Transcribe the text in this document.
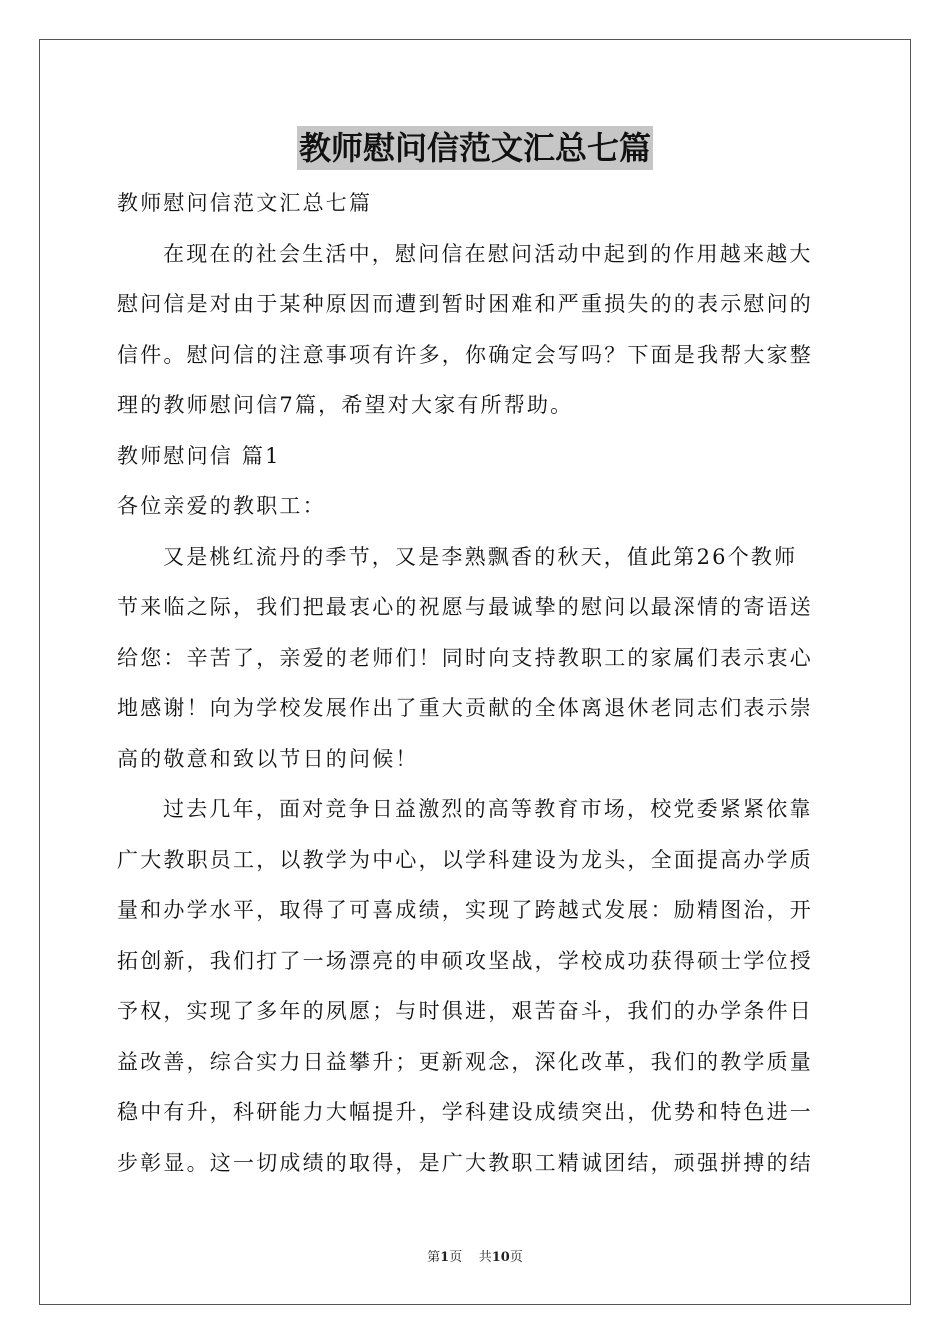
教师慰问信范文汇总七篇
教师慰问信范文汇总七篇
在现在的社会生活中，慰问信在慰问活动中起到的作用越来越大
慰问信是对由于某种原因而遭到暂时困难和严重损失的的表示慰问的
信件。慰问信的注意事项有许多，你确定会写吗？下面是我帮大家整
理的教师慰问信7篇，希望对大家有所帮助。
教师慰问信 篇1
各位亲爱的教职工：
又是桃红流丹的季节，又是李熟飘香的秋天，值此第26个教师
节来临之际，我们把最衷心的祝愿与最诚挚的慰问以最深情的寄语送
给您：辛苦了，亲爱的老师们！同时向支持教职工的家属们表示衷心
地感谢！向为学校发展作出了重大贡献的全体离退休老同志们表示崇
高的敬意和致以节日的问候！
过去几年，面对竞争日益激烈的高等教育市场，校党委紧紧依靠
广大教职员工，以教学为中心，以学科建设为龙头，全面提高办学质
量和办学水平，取得了可喜成绩，实现了跨越式发展：励精图治，开
拓创新，我们打了一场漂亮的申硕攻坚战，学校成功获得硕士学位授
予权，实现了多年的夙愿；与时俱进，艰苦奋斗，我们的办学条件日
益改善，综合实力日益攀升；更新观念，深化改革，我们的教学质量
稳中有升，科研能力大幅提升，学科建设成绩突出，优势和特色进一
步彰显。这一切成绩的取得，是广大教职工精诚团结，顽强拼搏的结
第1页 共10页
